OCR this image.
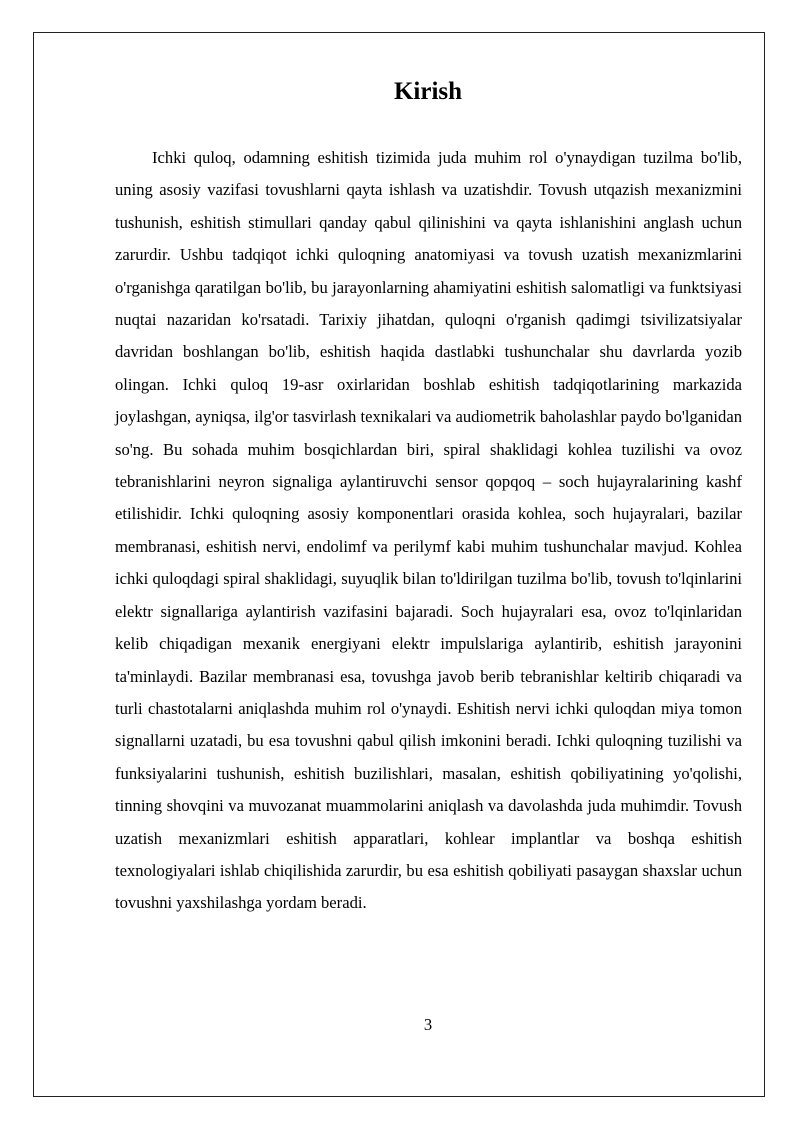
Kirish

Ichki quloq, odamning eshitish tizimida juda muhim rol o'ynaydigan tuzilma bo'lib, uning asosiy vazifasi tovushlarni qayta ishlash va uzatishdir. Tovush utqazish mexanizmini tushunish, eshitish stimullari qanday qabul qilinishini va qayta ishlanishini anglash uchun zarurdir. Ushbu tadqiqot ichki quloqning anatomiyasi va tovush uzatish mexanizmlarini o'rganishga qaratilgan bo'lib, bu jarayonlarning ahamiyatini eshitish salomatligi va funktsiyasi nuqtai nazaridan ko'rsatadi. Tarixiy jihatdan, quloqni o'rganish qadimgi tsivilizatsiyalar davridan boshlangan bo'lib, eshitish haqida dastlabki tushunchalar shu davrlarda yozib olingan. Ichki quloq 19-asr oxirlaridan boshlab eshitish tadqiqotlarining markazida joylashgan, ayniqsa, ilg'or tasvirlash texnikalari va audiometrik baholashlar paydo bo'lganidan so'ng. Bu sohada muhim bosqichlardan biri, spiral shaklidagi kohlea tuzilishi va ovoz tebranishlarini neyron signaliga aylantiruvchi sensor qopqoq – soch hujayralarining kashf etilishidir. Ichki quloqning asosiy komponentlari orasida kohlea, soch hujayralari, bazilar membranasi, eshitish nervi, endolimf va perilymf kabi muhim tushunchalar mavjud. Kohlea ichki quloqdagi spiral shaklidagi, suyuqlik bilan to'ldirilgan tuzilma bo'lib, tovush to'lqinlarini elektr signallariga aylantirish vazifasini bajaradi. Soch hujayralari esa, ovoz to'lqinlaridan kelib chiqadigan mexanik energiyani elektr impulslariga aylantirib, eshitish jarayonini ta'minlaydi. Bazilar membranasi esa, tovushga javob berib tebranishlar keltirib chiqaradi va turli chastotalarni aniqlashda muhim rol o'ynaydi. Eshitish nervi ichki quloqdan miya tomon signallarni uzatadi, bu esa tovushni qabul qilish imkonini beradi. Ichki quloqning tuzilishi va funksiyalarini tushunish, eshitish buzilishlari, masalan, eshitish qobiliyatining yo'qolishi, tinning shovqini va muvozanat muammolarini aniqlash va davolashda juda muhimdir. Tovush uzatish mexanizmlari eshitish apparatlari, kohlear implantlar va boshqa eshitish texnologiyalari ishlab chiqilishida zarurdir, bu esa eshitish qobiliyati pasaygan shaxslar uchun tovushni yaxshilashga yordam beradi.

3
